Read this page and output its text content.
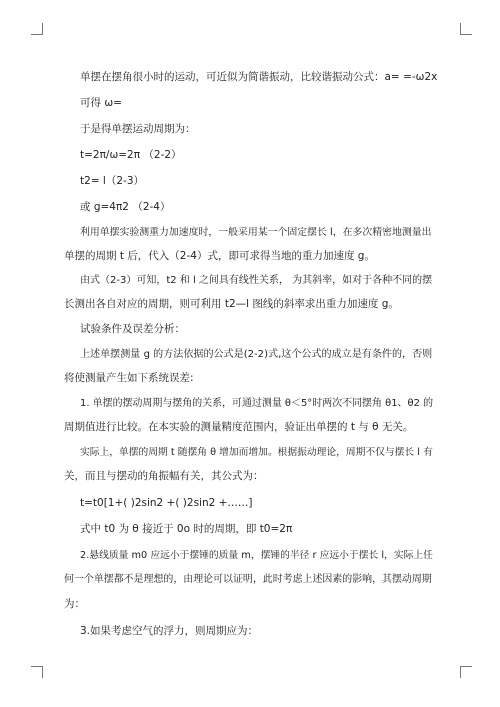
单摆在摆角很小时的运动，可近似为简谐振动，比较谐振动公式：a= =-ω2x
可得 ω=
于是得单摆运动周期为：
t=2π/ω=2π （2-2）
t2= l（2-3）
或 g=4π2 （2-4）
利用单摆实验测重力加速度时，一般采用某一个固定摆长 l，在多次精密地测量出
单摆的周期 t 后，代入（2-4）式，即可求得当地的重力加速度 g。
由式（2-3）可知，t2 和 l 之间具有线性关系， 为其斜率，如对于各种不同的摆
长测出各自对应的周期，则可利用 t2—l 图线的斜率求出重力加速度 g。
试验条件及误差分析：
上述单摆测量 g 的方法依据的公式是(2-2)式,这个公式的成立是有条件的，否则
将使测量产生如下系统误差:
1. 单摆的摆动周期与摆角的关系，可通过测量 θ＜5°时两次不同摆角 θ1、θ2 的
周期值进行比较。在本实验的测量精度范围内，验证出单摆的 t 与 θ 无关。
实际上，单摆的周期 t 随摆角 θ 增加而增加。根据振动理论，周期不仅与摆长 l 有
关，而且与摆动的角振幅有关，其公式为：
t=t0[1+( )2sin2 +( )2sin2 +……]
式中 t0 为 θ 接近于 0o 时的周期，即 t0=2π
2.悬线质量 m0 应远小于摆锤的质量 m，摆锤的半径 r 应远小于摆长 l，实际上任
何一个单摆都不是理想的，由理论可以证明，此时考虑上述因素的影响，其摆动周期
为：
3.如果考虑空气的浮力，则周期应为：
